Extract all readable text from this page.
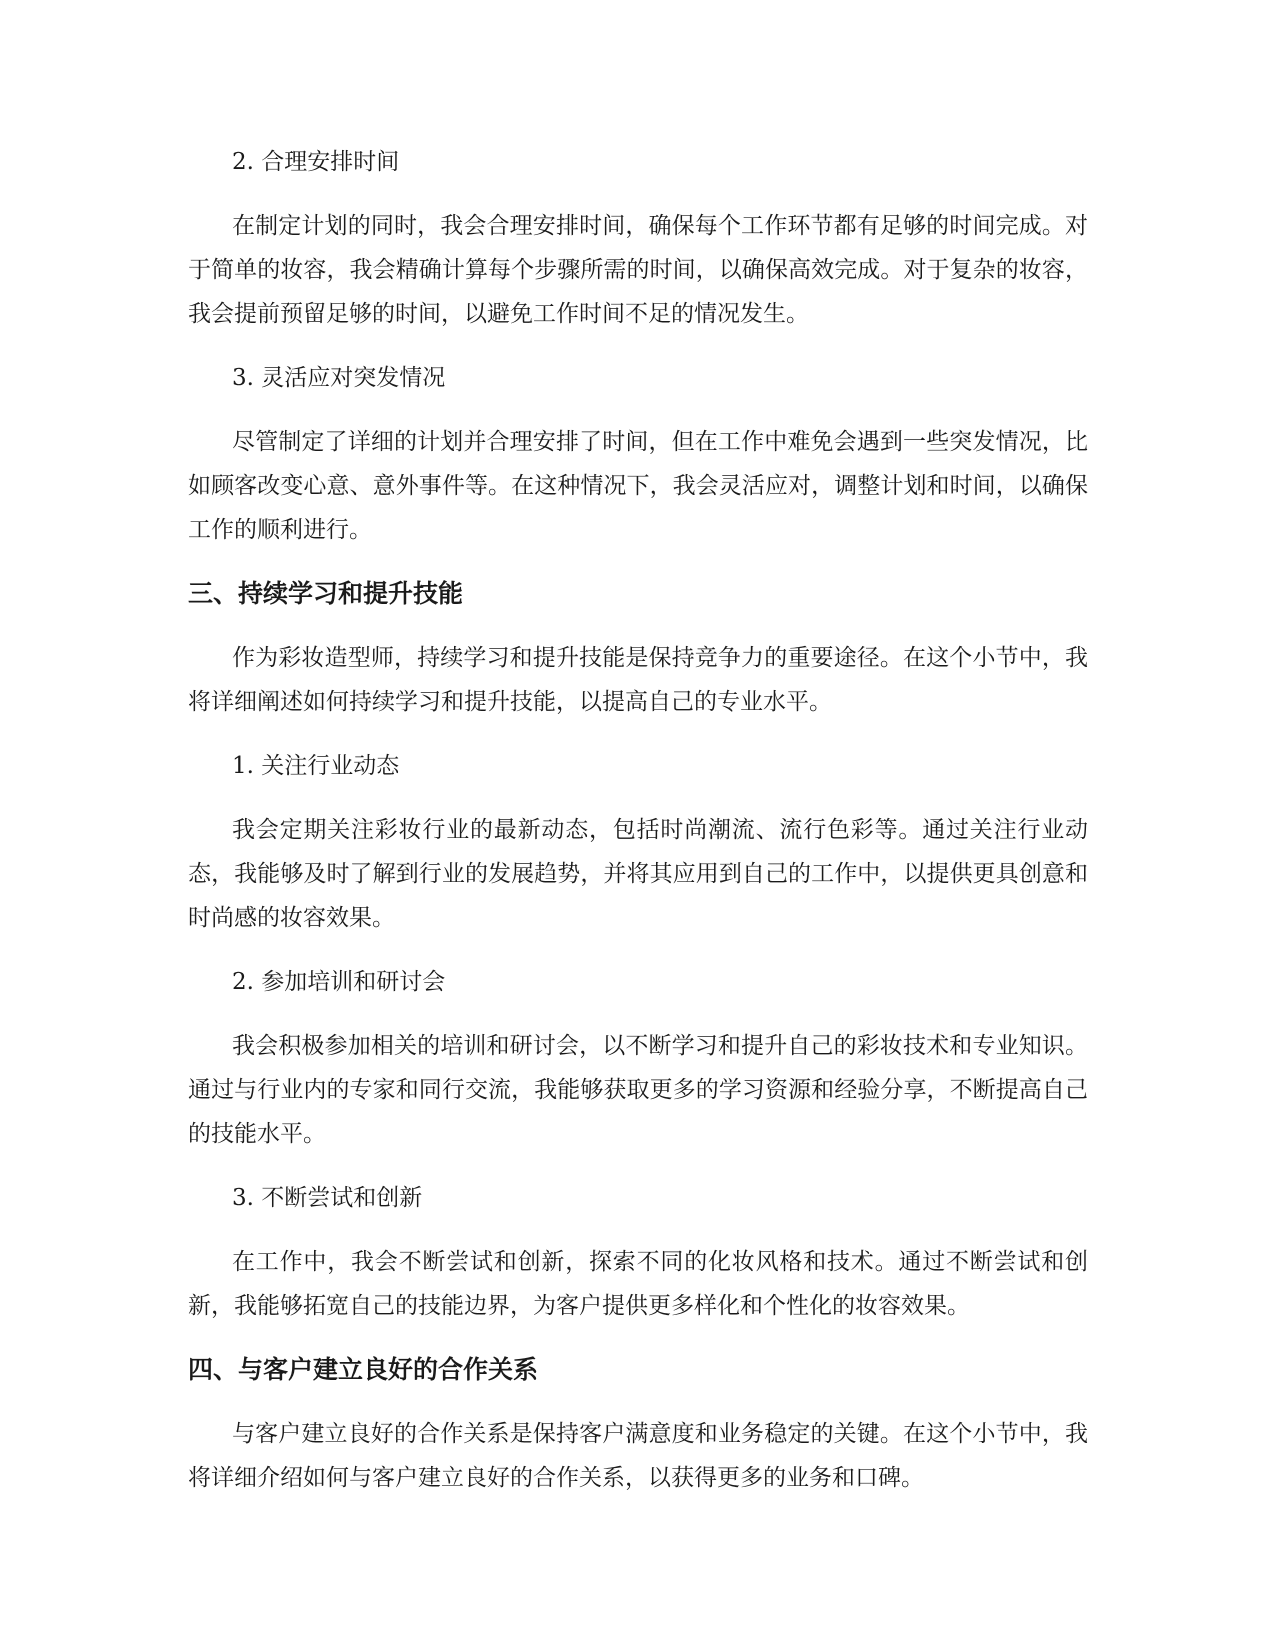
2. 合理安排时间

在制定计划的同时，我会合理安排时间，确保每个工作环节都有足够的时间完成。对于简单的妆容，我会精确计算每个步骤所需的时间，以确保高效完成。对于复杂的妆容，我会提前预留足够的时间，以避免工作时间不足的情况发生。

3. 灵活应对突发情况

尽管制定了详细的计划并合理安排了时间，但在工作中难免会遇到一些突发情况，比如顾客改变心意、意外事件等。在这种情况下，我会灵活应对，调整计划和时间，以确保工作的顺利进行。

三、持续学习和提升技能

作为彩妆造型师，持续学习和提升技能是保持竞争力的重要途径。在这个小节中，我将详细阐述如何持续学习和提升技能，以提高自己的专业水平。

1. 关注行业动态

我会定期关注彩妆行业的最新动态，包括时尚潮流、流行色彩等。通过关注行业动态，我能够及时了解到行业的发展趋势，并将其应用到自己的工作中，以提供更具创意和时尚感的妆容效果。

2. 参加培训和研讨会

我会积极参加相关的培训和研讨会，以不断学习和提升自己的彩妆技术和专业知识。通过与行业内的专家和同行交流，我能够获取更多的学习资源和经验分享，不断提高自己的技能水平。

3. 不断尝试和创新

在工作中，我会不断尝试和创新，探索不同的化妆风格和技术。通过不断尝试和创新，我能够拓宽自己的技能边界，为客户提供更多样化和个性化的妆容效果。

四、与客户建立良好的合作关系

与客户建立良好的合作关系是保持客户满意度和业务稳定的关键。在这个小节中，我将详细介绍如何与客户建立良好的合作关系，以获得更多的业务和口碑。
